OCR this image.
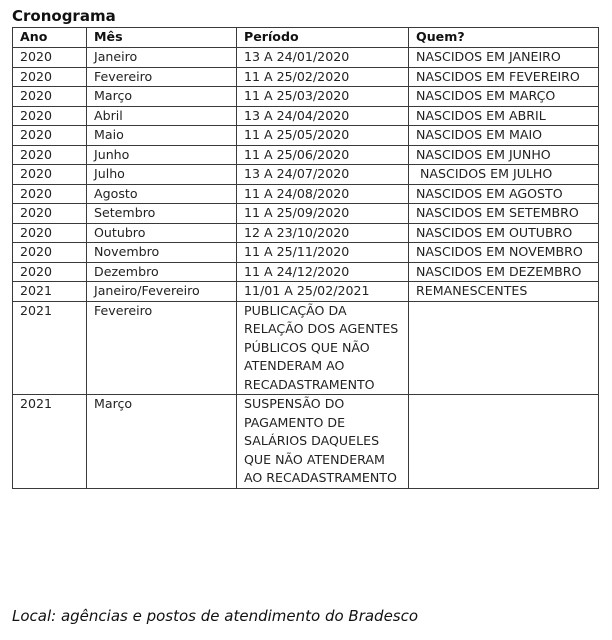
Cronograma
Ano	Mês	Período	Quem?
2020	Janeiro	13 A 24/01/2020	NASCIDOS EM JANEIRO
2020	Fevereiro	11 A 25/02/2020	NASCIDOS EM FEVEREIRO
2020	Março	11 A 25/03/2020	NASCIDOS EM MARÇO
2020	Abril	13 A 24/04/2020	NASCIDOS EM ABRIL
2020	Maio	11 A 25/05/2020	NASCIDOS EM MAIO
2020	Junho	11 A 25/06/2020	NASCIDOS EM JUNHO
2020	Julho	13 A 24/07/2020	NASCIDOS EM JULHO
2020	Agosto	11 A 24/08/2020	NASCIDOS EM AGOSTO
2020	Setembro	11 A 25/09/2020	NASCIDOS EM SETEMBRO
2020	Outubro	12 A 23/10/2020	NASCIDOS EM OUTUBRO
2020	Novembro	11 A 25/11/2020	NASCIDOS EM NOVEMBRO
2020	Dezembro	11 A 24/12/2020	NASCIDOS EM DEZEMBRO
2021	Janeiro/Fevereiro	11/01 A 25/02/2021	REMANESCENTES
2021	Fevereiro	PUBLICAÇÃO DA RELAÇÃO DOS AGENTES PÚBLICOS QUE NÃO ATENDERAM AO RECADASTRAMENTO	
2021	Março	SUSPENSÃO DO PAGAMENTO DE SALÁRIOS DAQUELES QUE NÃO ATENDERAM AO RECADASTRAMENTO	
Local: agências e postos de atendimento do Bradesco
